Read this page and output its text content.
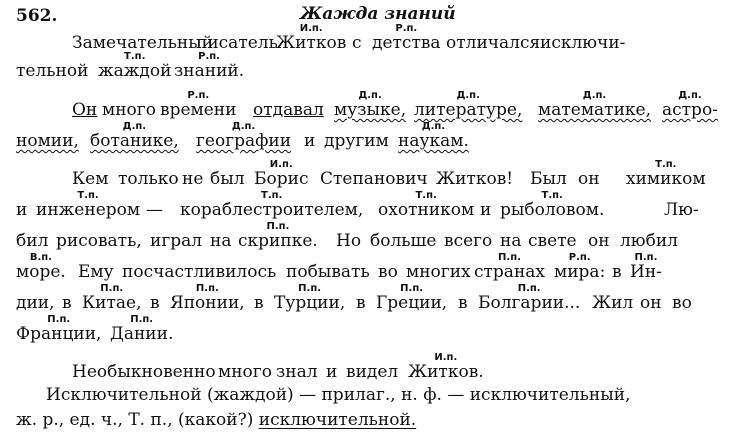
562.	Жажда знаний
Замечательный
писатель
Житков
И.п.
с детства
Р.п.
отличался исключи-
тельной жаждой
Т.п.
знаний.
Р.п.
Он много времени
Р.п.
отдавал музыке,
Д.п.
литературе,
Д.п.
математике,
Д.п.
астро-
Д.п.
номии, ботанике,
Д.п.
географии
Д.п.
и другим наукам.
Д.п.
Кем только не был Борис
И.п.
Степанович Житков! Был он химиком
Т.п.
и инженером
Т.п.
— кораблестроителем,
Т.п.
охотником
Т.п.
и рыболовом.
Т.п.
Лю-
бил рисовать, играл на скрипке.
П.п.
Но больше всего на свете он любил
море.
В.п.
Ему посчастливилось побывать во многих странах
П.п.
мира:
Р.п.
в Ин-
П.п.
дии, в Китае,
П.п.
в Японии,
П.п.
в Турции,
П.п.
в Греции,
П.п.
в Болгарии...
П.п.
Жил он во
Франции,
П.п.
Дании.
П.п.
Необыкновенно много знал и видел Житков.
И.п.
Исключительной (жаждой) — прилаг., н. ф. — исключительный,
ж. р., ед. ч., Т. п., (какой?) исключительной.
